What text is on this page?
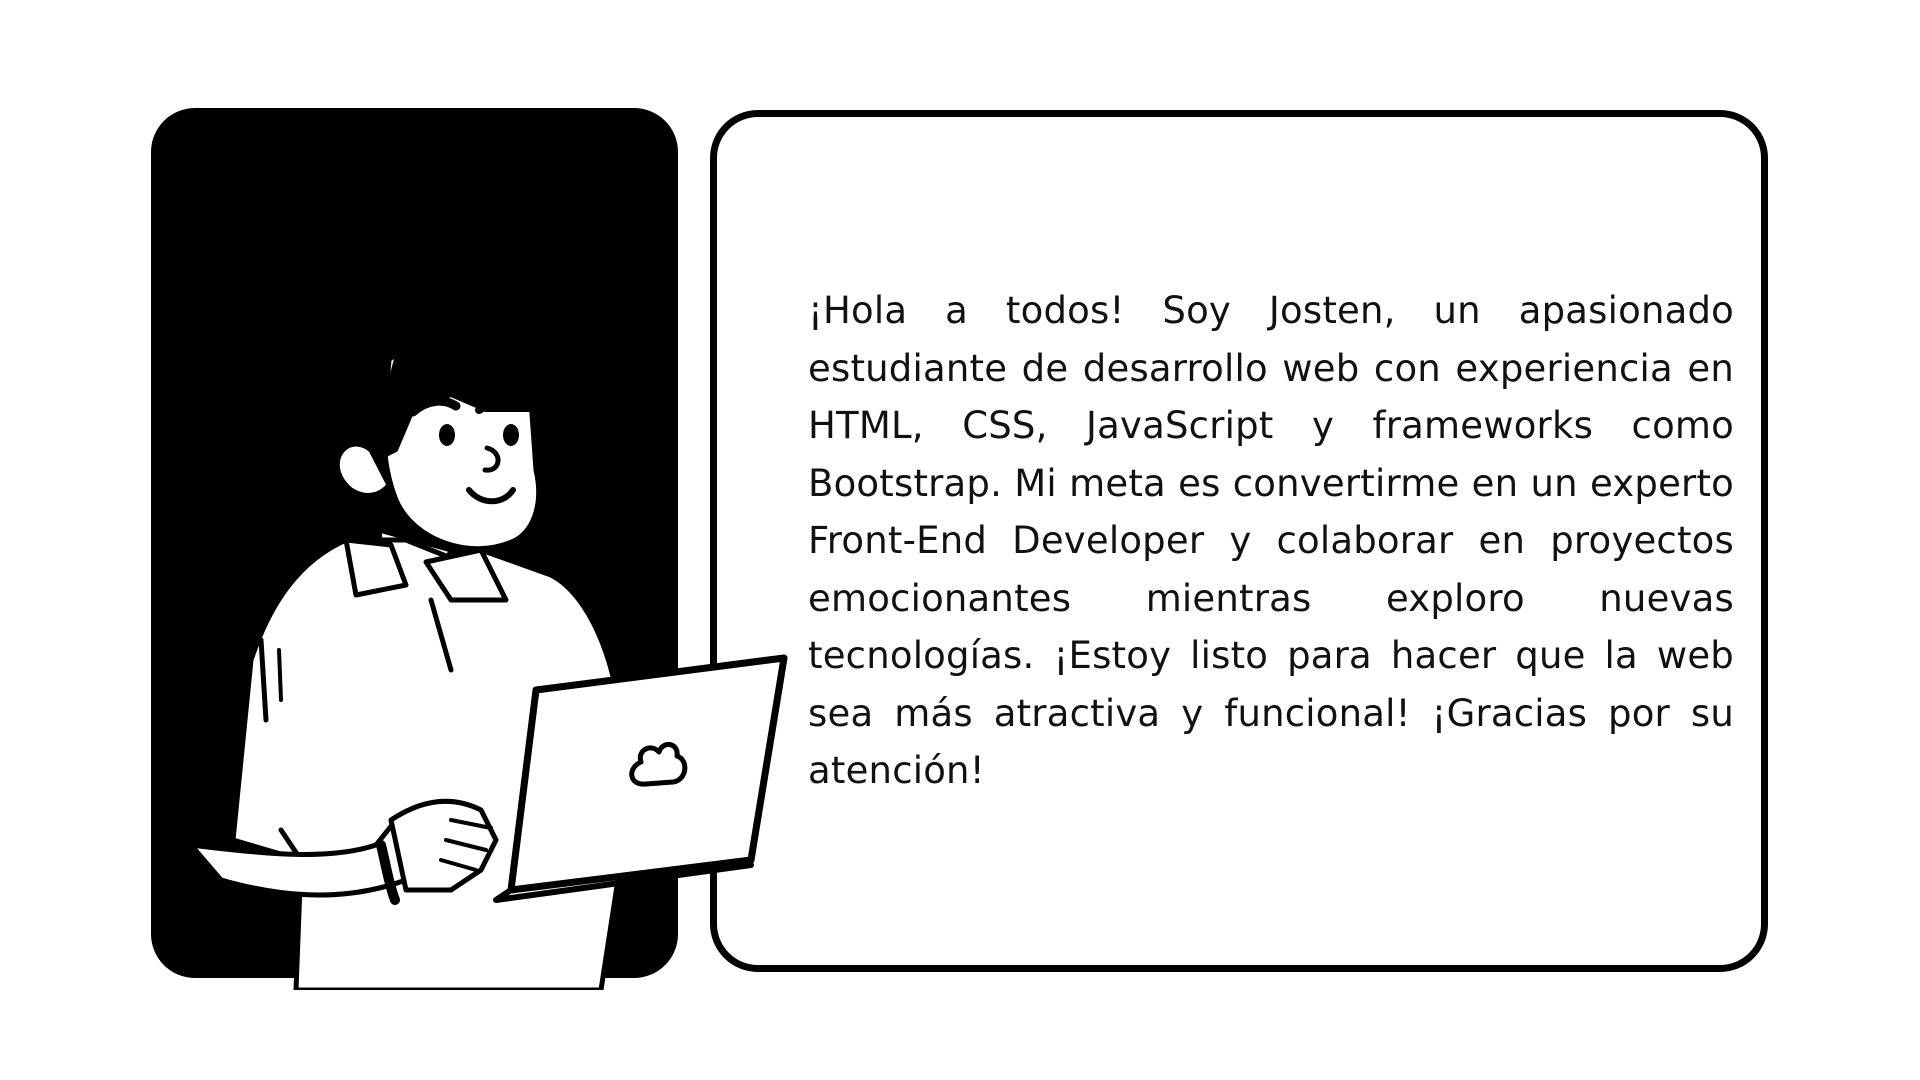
¡Hola a todos! Soy Josten, un apasionado estudiante de desarrollo web con experiencia en HTML, CSS, JavaScript y frameworks como Bootstrap. Mi meta es convertirme en un experto Front-End Developer y colaborar en proyectos emocionantes mientras exploro nuevas tecnologías. ¡Estoy listo para hacer que la web sea más atractiva y funcional! ¡Gracias por su atención!
